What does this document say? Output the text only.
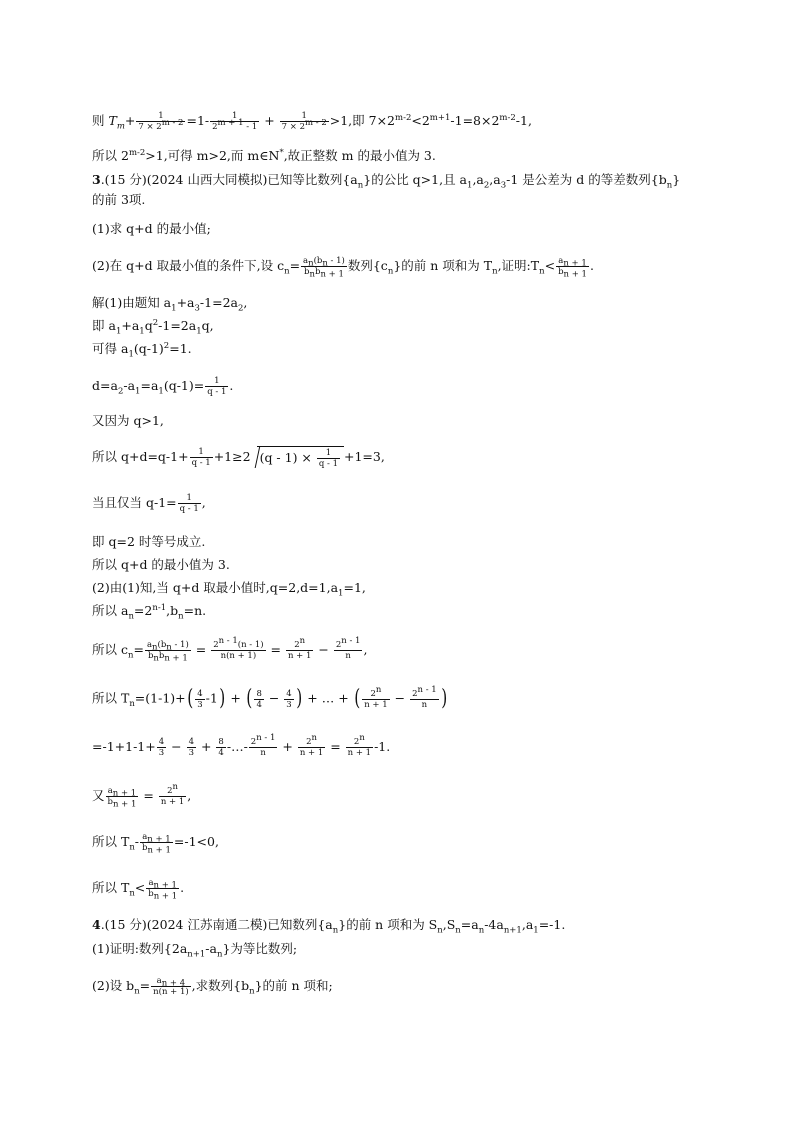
则 $T_m+ \frac{1}{7 \times 2^{m - 2}} =1- \frac{1}{2^{m + 1} - 1} + \frac{1}{7 \times 2^{m - 2}} >1$,即 $7\times 2^{m-2}<2^{m+1}-1=8\times 2^{m-2}-1$,
所以 $2^{m-2}>1$,可得 m>2,而 m∈N*,故正整数 m 的最小值为 3.
3.(15 分)(2024 山西大同模拟)已知等比数列$\{a_n\}$的公比 q>1,且 $a_1,a_2,a_3-1$ 是公差为 d 的等差数列$\{b_n\}$
的前 3项.
(1)求 q+d 的最小值;
(2)在 q+d 取最小值的条件下,设 $c_n= \frac{a_n(b_n - 1)}{b_nb_{n + 1}}$ 数列$\{c_n\}$的前 n 项和为 $T_n$,证明$:T_n< \frac{a_{n + 1}}{b_{n + 1}}$ .
解(1)由题知 $a_1+a_3-1=2a_2$,
即 $a_1+a_1q^2-1=2a_1q$,
可得 $a_1(q-1)^2=1$.
$d=a_2-a_1=a_1(q-1)= \frac{1}{q - 1}$ .
又因为 q>1,
所以 $q+d=q-1+ \frac{1}{q - 1} +1\ge 2$ $(q - 1) \times \frac{1}{q - 1} +1=3$,
当且仅当 $q-1= \frac{1}{q - 1}$ ,
即 q=2 时等号成立.
所以 q+d 的最小值为 3.
(2)由(1)知,当 q+d 取最小值时$,q=2,d=1,a_1=1$,
所以 $a_n=2^{n-1},b_n=n$.
所以 $c_n= \frac{a_n(b_n - 1)}{b_nb_{n + 1}} = \frac{2^{n - 1}(n - 1)}{n(n + 1)} = \frac{2^n}{n + 1} - \frac{2^{n - 1}}{n}$ ,
所以 $T_n=(1-1)+( \frac{4}{3} -1)$ + ( $\frac{8}{4} - \frac{4}{3}$ ) + … + ( $\frac{2^n}{n + 1} - \frac{2^{n - 1}}{n}$ )
$=-1+1-1+ \frac{4}{3} - \frac{4}{3} + \frac{8}{4}$ -…- $\frac{2^{n - 1}}{n} + \frac{2^n}{n + 1} = \frac{2^n}{n + 1} -1$.
又 $\frac{a_{n + 1}}{b_{n + 1}} = \frac{2^n}{n + 1}$ ,
所以 $T_n- \frac{a_{n + 1}}{b_{n + 1}} =-1<0$,
所以 $T_n< \frac{a_{n + 1}}{b_{n + 1}}$ .
4.(15 分)(2024 江苏南通二模)已知数列$\{a_n\}$的前 n 项和为 $S_n,S_n=a_n-4a_{n+1},a_1=-1$.
(1)证明:数列$\{2a_{n+1}-a_n\}$为等比数列;
(2)设 $b_n= \frac{a_{n + 4}}{n(n + 1)}$ ,求数列$\{b_n\}$的前 n 项和;
